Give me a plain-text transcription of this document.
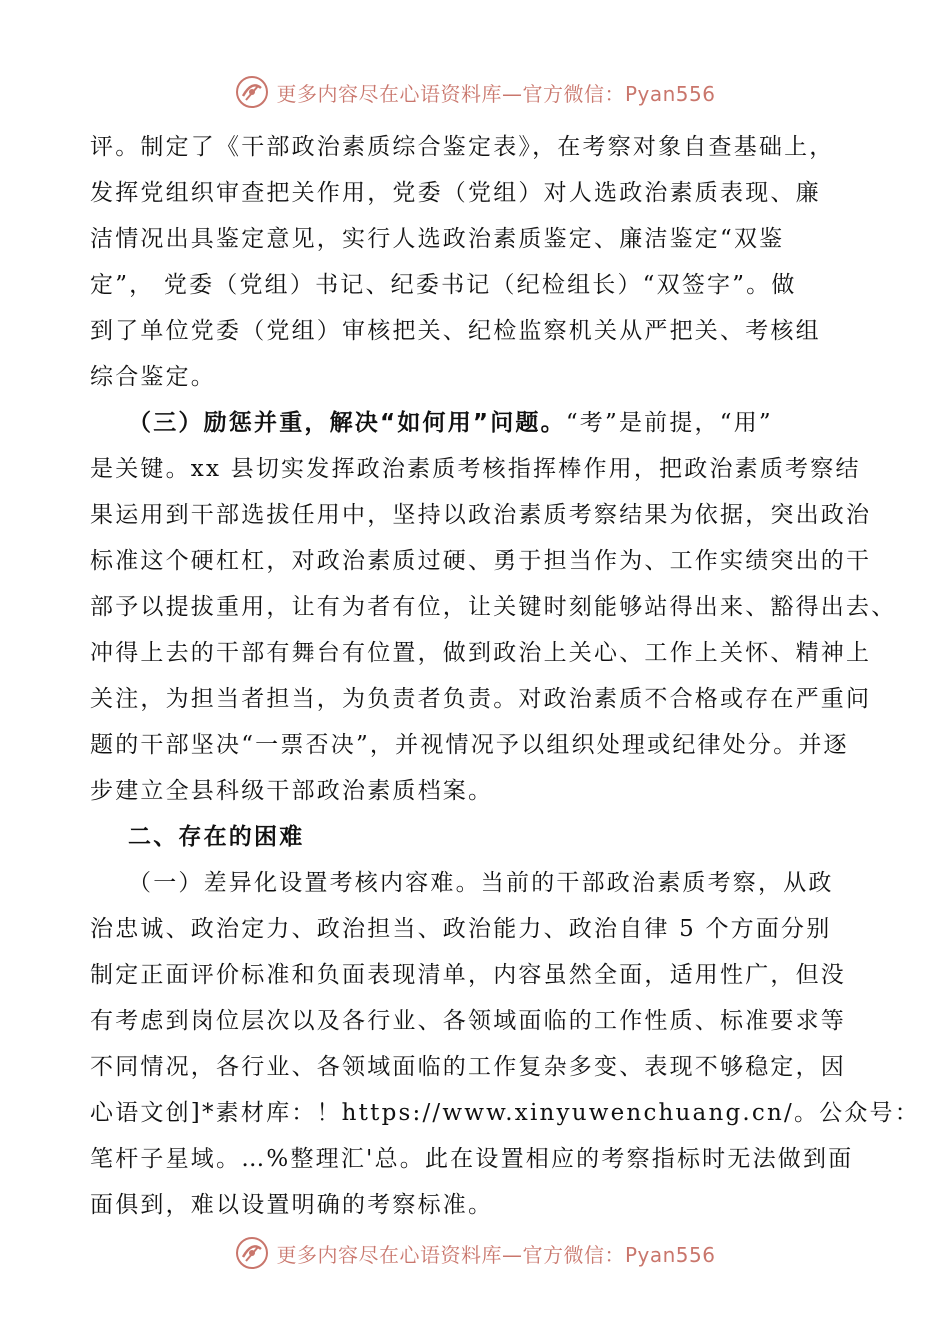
更多内容尽在心语资料库—官方微信：Pyan556
评。制定了《干部政治素质综合鉴定表》，在考察对象自查基础上，
发挥党组织审查把关作用，党委（党组）对人选政治素质表现、廉
洁情况出具鉴定意见，实行人选政治素质鉴定、廉洁鉴定“双鉴
定”， 党委（党组）书记、纪委书记（纪检组长）“双签字”。做
到了单位党委（党组）审核把关、纪检监察机关从严把关、考核组
综合鉴定。
（三）励惩并重，解决“如何用”问题。“考”是前提，“用”
是关键。xx 县切实发挥政治素质考核指挥棒作用，把政治素质考察结
果运用到干部选拔任用中，坚持以政治素质考察结果为依据，突出政治
标准这个硬杠杠，对政治素质过硬、勇于担当作为、工作实绩突出的干
部予以提拔重用，让有为者有位，让关键时刻能够站得出来、豁得出去、
冲得上去的干部有舞台有位置，做到政治上关心、工作上关怀、精神上
关注，为担当者担当，为负责者负责。对政治素质不合格或存在严重问
题的干部坚决“一票否决”，并视情况予以组织处理或纪律处分。并逐
步建立全县科级干部政治素质档案。
二、存在的困难
（一）差异化设置考核内容难。当前的干部政治素质考察，从政
治忠诚、政治定力、政治担当、政治能力、政治自律 5 个方面分别
制定正面评价标准和负面表现清单，内容虽然全面，适用性广，但没
有考虑到岗位层次以及各行业、各领域面临的工作性质、标准要求等
不同情况，各行业、各领域面临的工作复杂多变、表现不够稳定，因
心语文创]*素材库：！https://www.xinyuwenchuang.cn/。公众号：
笔杆子星域。…%整理汇'总。此在设置相应的考察指标时无法做到面
面俱到，难以设置明确的考察标准。
更多内容尽在心语资料库—官方微信：Pyan556
